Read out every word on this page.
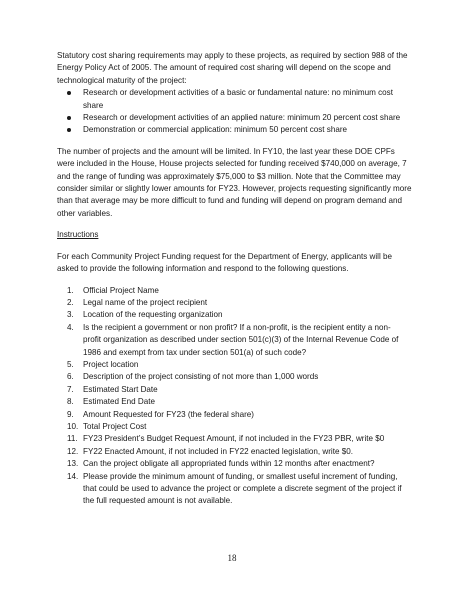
Statutory cost sharing requirements may apply to these projects, as required by section 988 of the Energy Policy Act of 2005. The amount of required cost sharing will depend on the scope and technological maturity of the project:

Research or development activities of a basic or fundamental nature: no minimum cost share
Research or development activities of an applied nature: minimum 20 percent cost share
Demonstration or commercial application: minimum 50 percent cost share

The number of projects and the amount will be limited. In FY10, the last year these DOE CPFs were included in the House, House projects selected for funding received $740,000 on average, 7 and the range of funding was approximately $75,000 to $3 million. Note that the Committee may consider similar or slightly lower amounts for FY23. However, projects requesting significantly more than that average may be more difficult to fund and funding will depend on program demand and other variables.

Instructions

For each Community Project Funding request for the Department of Energy, applicants will be asked to provide the following information and respond to the following questions.

1. Official Project Name
2. Legal name of the project recipient
3. Location of the requesting organization
4. Is the recipient a government or non profit? If a non-profit, is the recipient entity a non-profit organization as described under section 501(c)(3) of the Internal Revenue Code of 1986 and exempt from tax under section 501(a) of such code?
5. Project location
6. Description of the project consisting of not more than 1,000 words
7. Estimated Start Date
8. Estimated End Date
9. Amount Requested for FY23 (the federal share)
10. Total Project Cost
11. FY23 President’s Budget Request Amount, if not included in the FY23 PBR, write $0
12. FY22 Enacted Amount, if not included in FY22 enacted legislation, write $0.
13. Can the project obligate all appropriated funds within 12 months after enactment?
14. Please provide the minimum amount of funding, or smallest useful increment of funding, that could be used to advance the project or complete a discrete segment of the project if the full requested amount is not available.
18
